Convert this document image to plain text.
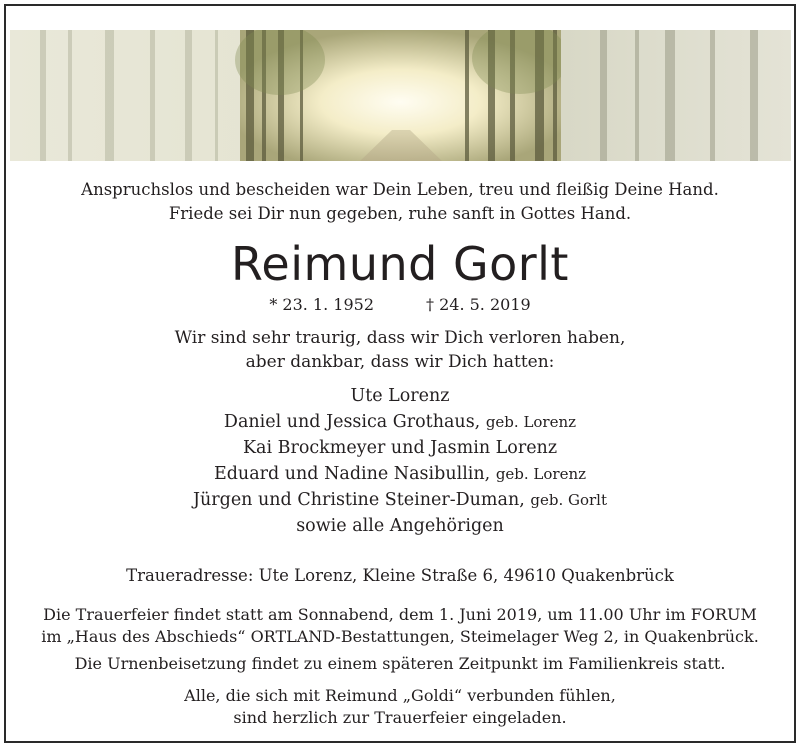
Anspruchslos und bescheiden war Dein Leben, treu und fleißig Deine Hand.
Friede sei Dir nun gegeben, ruhe sanft in Gottes Hand.
Reimund Gorlt
* 23. 1. 1952	† 24. 5. 2019
Wir sind sehr traurig, dass wir Dich verloren haben,
aber dankbar, dass wir Dich hatten:
Ute Lorenz
Daniel und Jessica Grothaus, geb. Lorenz
Kai Brockmeyer und Jasmin Lorenz
Eduard und Nadine Nasibullin, geb. Lorenz
Jürgen und Christine Steiner-Duman, geb. Gorlt
sowie alle Angehörigen
Traueradresse: Ute Lorenz, Kleine Straße 6, 49610 Quakenbrück
Die Trauerfeier findet statt am Sonnabend, dem 1. Juni 2019, um 11.00 Uhr im FORUM
im „Haus des Abschieds“ ORTLAND-Bestattungen, Steimelager Weg 2, in Quakenbrück.
Die Urnenbeisetzung findet zu einem späteren Zeitpunkt im Familienkreis statt.
Alle, die sich mit Reimund „Goldi“ verbunden fühlen,
sind herzlich zur Trauerfeier eingeladen.
